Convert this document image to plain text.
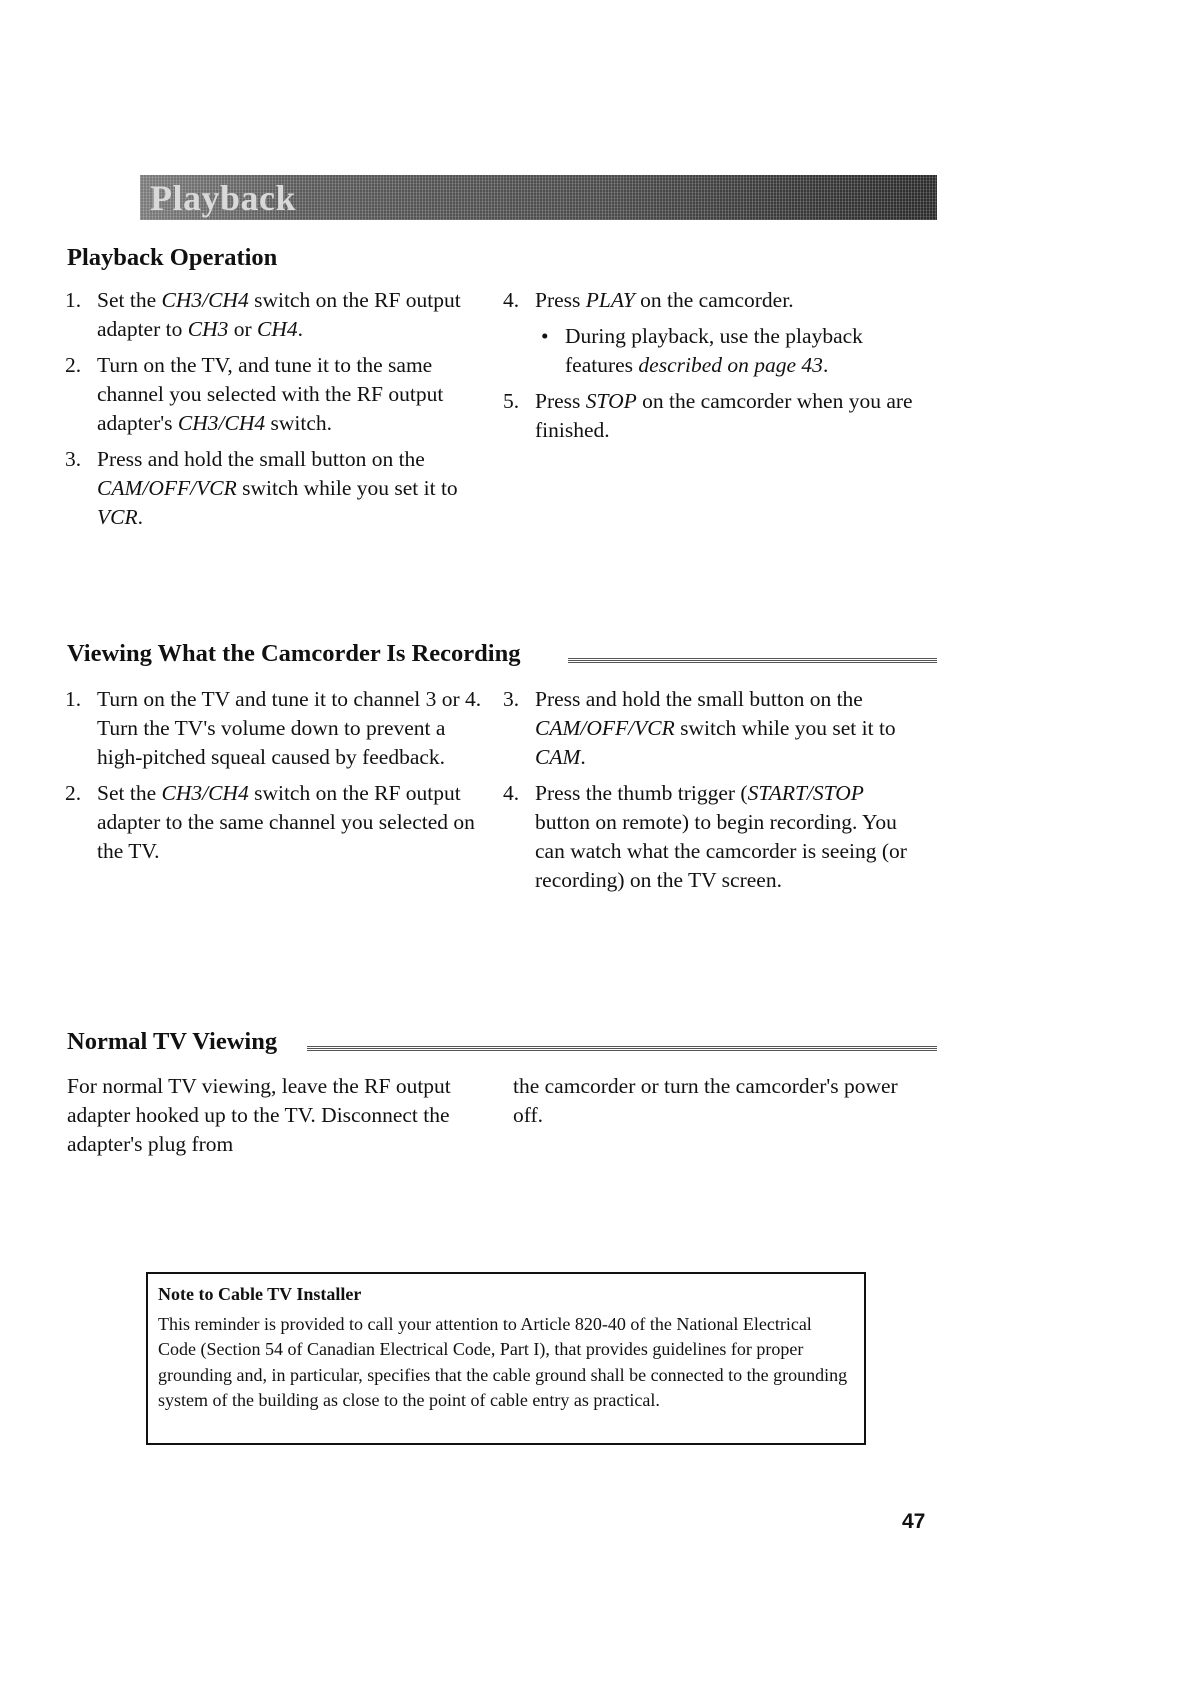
Playback
Playback Operation
1. Set the CH3/CH4 switch on the RF output adapter to CH3 or CH4.
2. Turn on the TV, and tune it to the same channel you selected with the RF output adapter's CH3/CH4 switch.
3. Press and hold the small button on the CAM/OFF/VCR switch while you set it to VCR.
4. Press PLAY on the camcorder.
• During playback, use the playback features described on page 43.
5. Press STOP on the camcorder when you are finished.
Viewing What the Camcorder Is Recording
1. Turn on the TV and tune it to channel 3 or 4. Turn the TV's volume down to prevent a high-pitched squeal caused by feedback.
2. Set the CH3/CH4 switch on the RF output adapter to the same channel you selected on the TV.
3. Press and hold the small button on the CAM/OFF/VCR switch while you set it to CAM.
4. Press the thumb trigger (START/STOP button on remote) to begin recording. You can watch what the camcorder is seeing (or recording) on the TV screen.
Normal TV Viewing
For normal TV viewing, leave the RF output adapter hooked up to the TV. Disconnect the adapter's plug from
the camcorder or turn the camcorder's power off.
Note to Cable TV Installer
This reminder is provided to call your attention to Article 820-40 of the National Electrical Code (Section 54 of Canadian Electrical Code, Part I), that provides guidelines for proper grounding and, in particular, specifies that the cable ground shall be connected to the grounding system of the building as close to the point of cable entry as practical.
47
